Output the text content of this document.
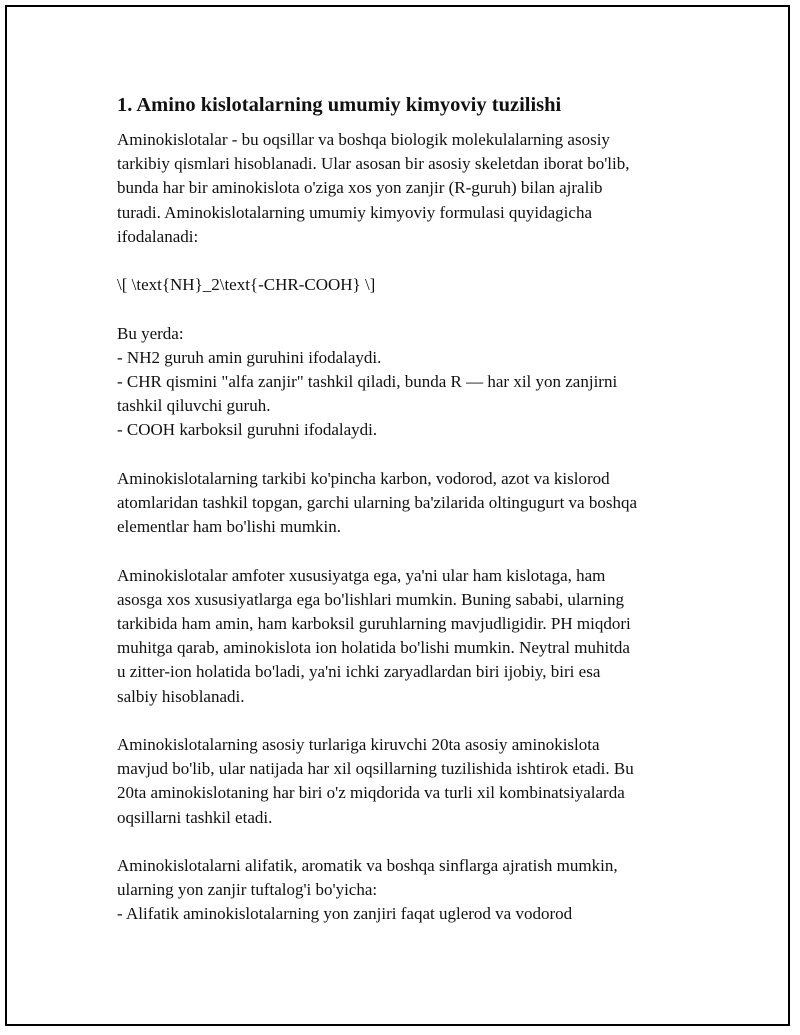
1. Amino kislotalarning umumiy kimyoviy tuzilishi
Aminokislotalar - bu oqsillar va boshqa biologik molekulalarning asosiy
tarkibiy qismlari hisoblanadi. Ular asosan bir asosiy skeletdan iborat bo'lib,
bunda har bir aminokislota o'ziga xos yon zanjir (R-guruh) bilan ajralib
turadi. Aminokislotalarning umumiy kimyoviy formulasi quyidagicha
ifodalanadi:
\[ \text{NH}_2\text{-CHR-COOH} \]
Bu yerda:
- NH2 guruh amin guruhini ifodalaydi.
- CHR qismini "alfa zanjir" tashkil qiladi, bunda R — har xil yon zanjirni
tashkil qiluvchi guruh.
- COOH karboksil guruhni ifodalaydi.
Aminokislotalarning tarkibi ko'pincha karbon, vodorod, azot va kislorod
atomlaridan tashkil topgan, garchi ularning ba'zilarida oltingugurt va boshqa
elementlar ham bo'lishi mumkin.
Aminokislotalar amfoter xususiyatga ega, ya'ni ular ham kislotaga, ham
asosga xos xususiyatlarga ega bo'lishlari mumkin. Buning sababi, ularning
tarkibida ham amin, ham karboksil guruhlarning mavjudligidir. PH miqdori
muhitga qarab, aminokislota ion holatida bo'lishi mumkin. Neytral muhitda
u zitter-ion holatida bo'ladi, ya'ni ichki zaryadlardan biri ijobiy, biri esa
salbiy hisoblanadi.
Aminokislotalarning asosiy turlariga kiruvchi 20ta asosiy aminokislota
mavjud bo'lib, ular natijada har xil oqsillarning tuzilishida ishtirok etadi. Bu
20ta aminokislotaning har biri o'z miqdorida va turli xil kombinatsiyalarda
oqsillarni tashkil etadi.
Aminokislotalarni alifatik, aromatik va boshqa sinflarga ajratish mumkin,
ularning yon zanjir tuftalog'i bo'yicha:
- Alifatik aminokislotalarning yon zanjiri faqat uglerod va vodorod
